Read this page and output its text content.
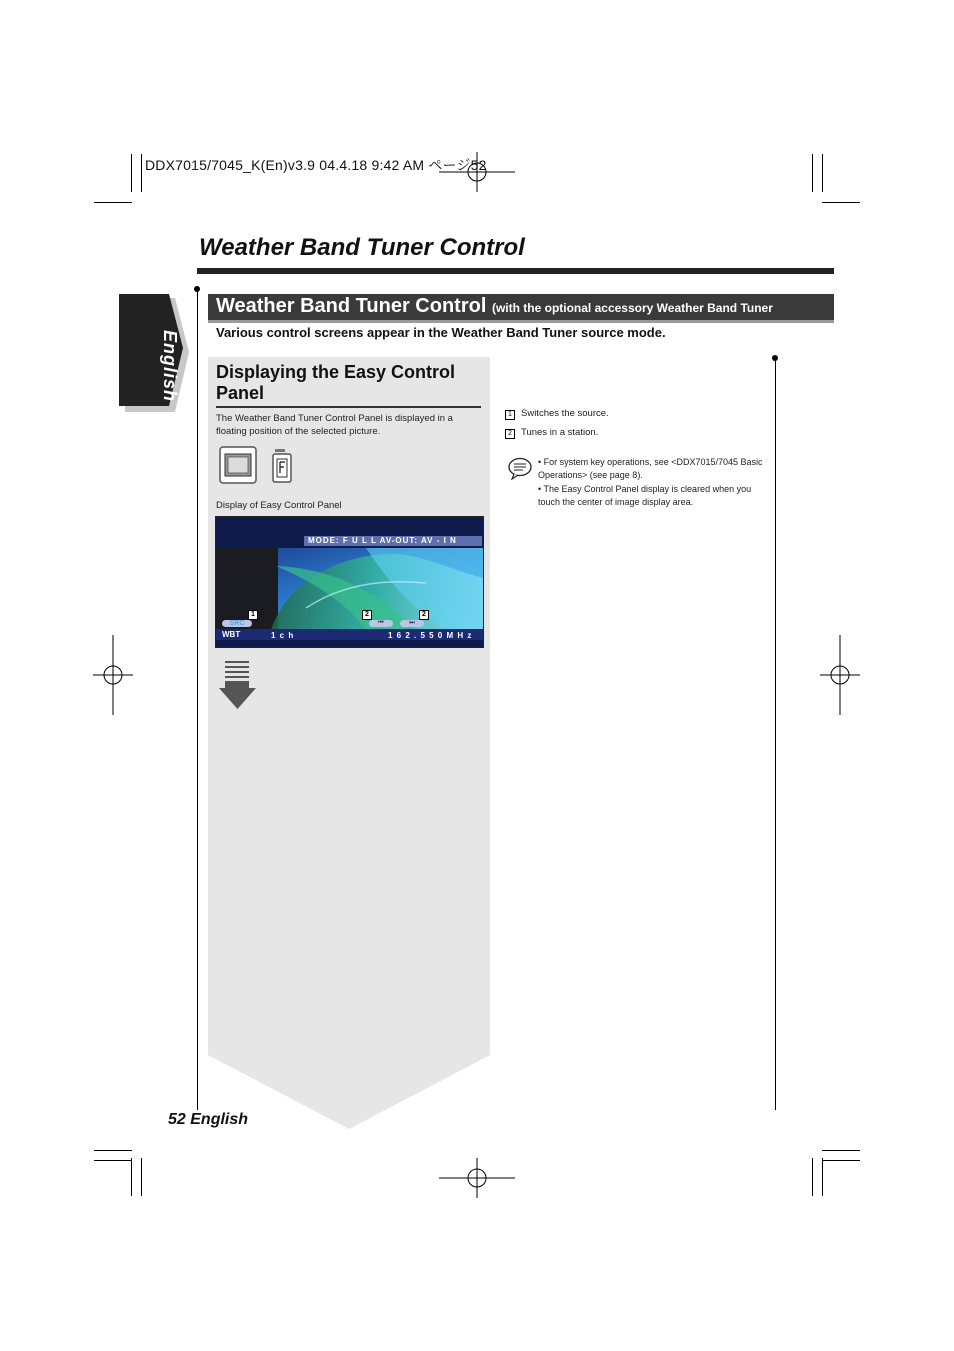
DDX7015/7045_K(En)v3.9 04.4.18 9:42 AM ページ52
Weather Band Tuner Control
English
Weather Band Tuner Control (with the optional accessory Weather Band Tuner
Various control screens appear in the Weather Band Tuner source mode.
Displaying the Easy Control Panel
The Weather Band Tuner Control Panel is displayed in a floating position of the selected picture.
Display of Easy Control Panel
MODE: F U L L AV-OUT: AV - I N
1	2	2
SRC	⏮	⏭
WBT	1 c h	1 6 2 . 5 5 0 M H z
1 Switches the source.
2 Tunes in a station.
• For system key operations, see <DDX7015/7045 Basic Operations> (see page 8).
• The Easy Control Panel display is cleared when you touch the center of image display area.
52 English
